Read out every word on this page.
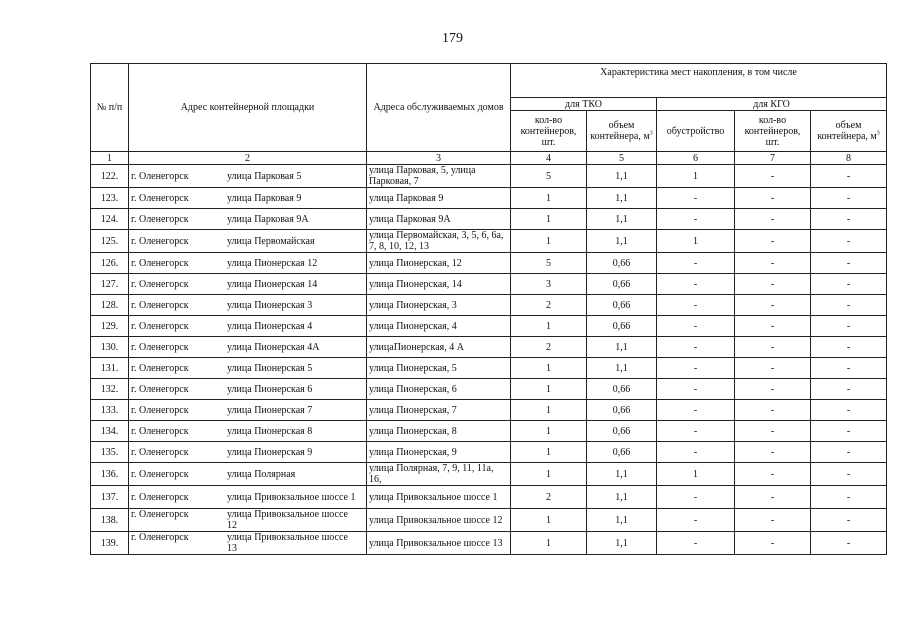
179
№ п/п	Адрес контейнерной площадки	Адреса обслуживаемых домов	Характеристика мест накопления, в том числе				
			для ТКО		для КГО		
			кол-во контейнеров, шт.	объем контейнера, $м^3$	обустройство	кол-во контейнеров, шт.	объем контейнера, $м^3$
1	2	3	4	5	6	7	8
122.	г. Оленегорск улица Парковая 5	улица Парковая, 5, улица Парковая, 7	5	1,1	1	-	-
123.	г. Оленегорск улица Парковая 9	улица Парковая 9	1	1,1	-	-	-
124.	г. Оленегорск улица Парковая 9А	улица Парковая 9А	1	1,1	-	-	-
125.	г. Оленегорск улица Первомайская	улица Первомайская, 3, 5, 6, 6а, 7, 8, 10, 12, 13	1	1,1	1	-	-
126.	г. Оленегорск улица Пионерская 12	улица Пионерская, 12	5	0,66	-	-	-
127.	г. Оленегорск улица Пионерская 14	улица Пионерская, 14	3	0,66	-	-	-
128.	г. Оленегорск улица Пионерская 3	улица Пионерская, 3	2	0,66	-	-	-
129.	г. Оленегорск улица Пионерская 4	улица Пионерская, 4	1	0,66	-	-	-
130.	г. Оленегорск улица Пионерская 4А	улицаПионерская, 4 А	2	1,1	-	-	-
131.	г. Оленегорск улица Пионерская 5	улица Пионерская, 5	1	1,1	-	-	-
132.	г. Оленегорск улица Пионерская 6	улица Пионерская, 6	1	0,66	-	-	-
133.	г. Оленегорск улица Пионерская 7	улица Пионерская, 7	1	0,66	-	-	-
134.	г. Оленегорск улица Пионерская 8	улица Пионерская, 8	1	0,66	-	-	-
135.	г. Оленегорск улица Пионерская 9	улица Пионерская, 9	1	0,66	-	-	-
136.	г. Оленегорск улица Полярная	улица Полярная, 7, 9, 11, 11а, 16,	1	1,1	1	-	-
137.	г. Оленегорск улица Привокзальное шоссе 1	улица Привокзальное шоссе 1	2	1,1	-	-	-
138.	г. Оленегорск улица Привокзальное шоссе 12	улица Привокзальное шоссе 12	1	1,1	-	-	-
139.	г. Оленегорск улица Привокзальное шоссе 13	улица Привокзальное шоссе 13	1	1,1	-	-	-
